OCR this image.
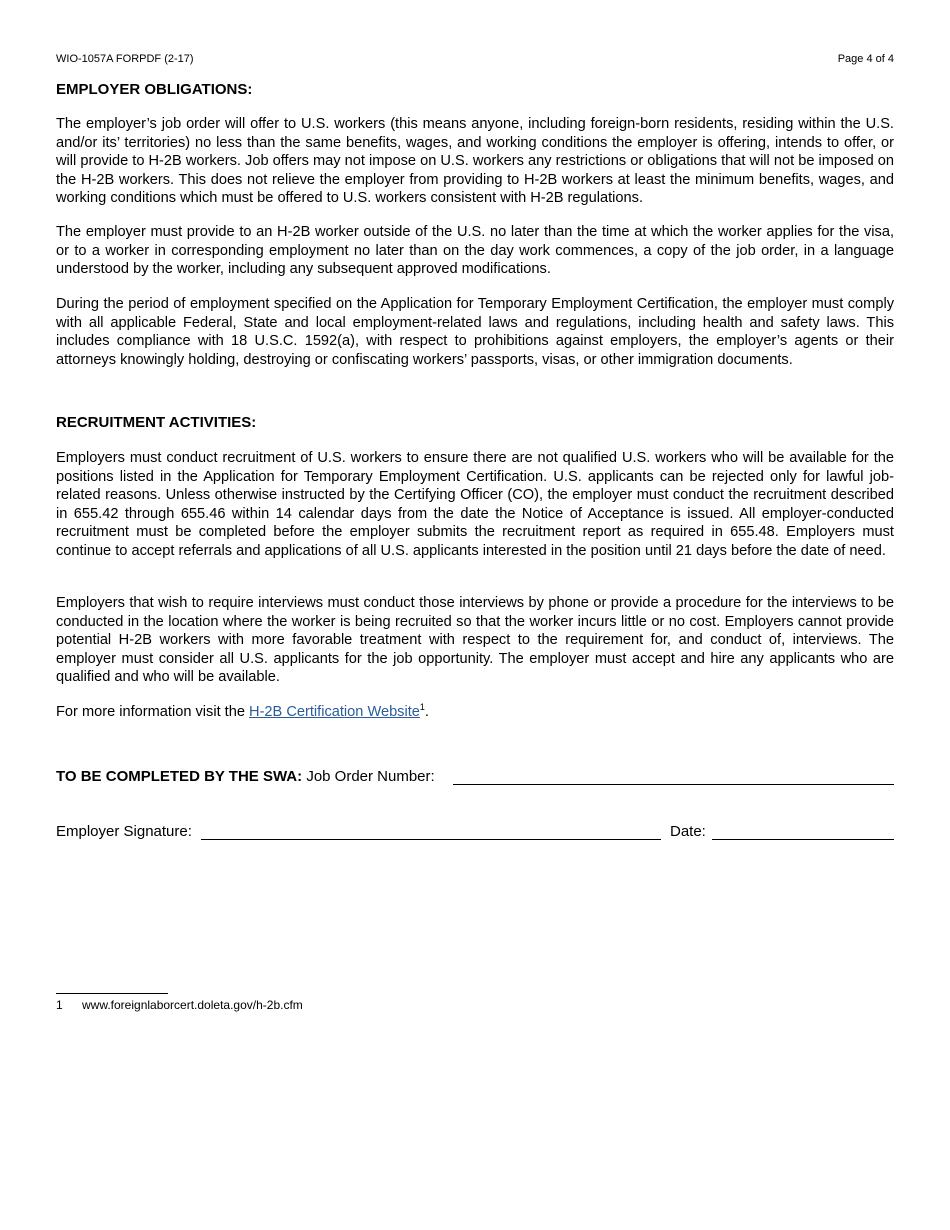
WIO-1057A FORPDF (2-17)	Page 4 of 4
EMPLOYER OBLIGATIONS:

The employer’s job order will offer to U.S. workers (this means anyone, including foreign-born residents, residing within the U.S. and/or its’ territories) no less than the same benefits, wages, and working conditions the employer is offering, intends to offer, or will provide to H-2B workers. Job offers may not impose on U.S. workers any restrictions or obligations that will not be imposed on the H-2B workers. This does not relieve the employer from providing to H-2B workers at least the minimum benefits, wages, and working conditions which must be offered to U.S. workers consistent with H-2B regulations.

The employer must provide to an H-2B worker outside of the U.S. no later than the time at which the worker applies for the visa, or to a worker in corresponding employment no later than on the day work commences, a copy of the job order, in a language understood by the worker, including any subsequent approved modifications.

During the period of employment specified on the Application for Temporary Employment Certification, the employer must comply with all applicable Federal, State and local employment-related laws and regulations, including health and safety laws. This includes compliance with 18 U.S.C. 1592(a), with respect to prohibitions against employers, the employer’s agents or their attorneys knowingly holding, destroying or confiscating workers’ passports, visas, or other immigration documents.

RECRUITMENT ACTIVITIES:

Employers must conduct recruitment of U.S. workers to ensure there are not qualified U.S. workers who will be available for the positions listed in the Application for Temporary Employment Certification. U.S. applicants can be rejected only for lawful job-related reasons. Unless otherwise instructed by the Certifying Officer (CO), the employer must conduct the recruitment described in 655.42 through 655.46 within 14 calendar days from the date the Notice of Acceptance is issued. All employer-conducted recruitment must be completed before the employer submits the recruitment report as required in 655.48. Employers must continue to accept referrals and applications of all U.S. applicants interested in the position until 21 days before the date of need.

Employers that wish to require interviews must conduct those interviews by phone or provide a procedure for the interviews to be conducted in the location where the worker is being recruited so that the worker incurs little or no cost. Employers cannot provide potential H-2B workers with more favorable treatment with respect to the requirement for, and conduct of, interviews. The employer must consider all U.S. applicants for the job opportunity. The employer must accept and hire any applicants who are qualified and who will be available.

For more information visit the H-2B Certification Website$^1$.

TO BE COMPLETED BY THE SWA: Job Order Number:
Employer Signature:	Date:
1 www.foreignlaborcert.doleta.gov/h-2b.cfm
